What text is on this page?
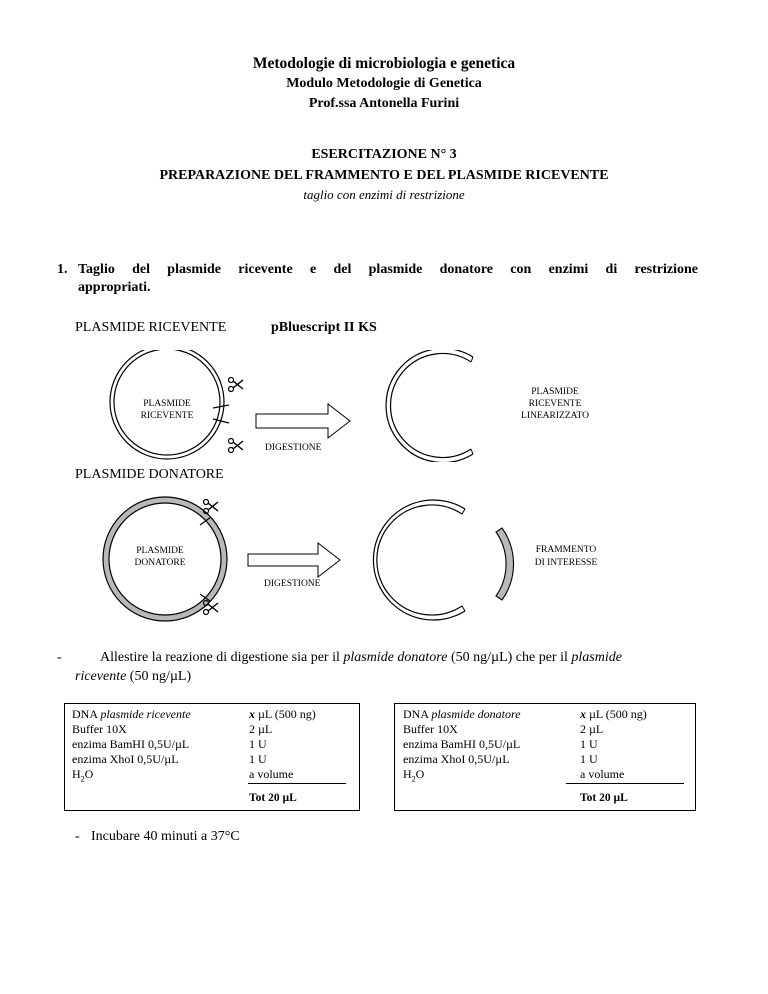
Metodologie di microbiologia e genetica
Modulo Metodologie di Genetica
Prof.ssa Antonella Furini
ESERCITAZIONE N° 3
PREPARAZIONE DEL FRAMMENTO E DEL PLASMIDE RICEVENTE
taglio con enzimi di restrizione
1. Taglio del plasmide ricevente e del plasmide donatore con enzimi di restrizione
appropriati.
PLASMIDE RICEVENTE	pBluescript II KS
PLASMIDE
RICEVENTE
DIGESTIONE
PLASMIDE
RICEVENTE
LINEARIZZATO
PLASMIDE DONATORE
PLASMIDE
DONATORE
DIGESTIONE
FRAMMENTO
DI INTERESSE
-	Allestire la reazione di digestione sia per il plasmide donatore (50 ng/µL) che per il plasmide
ricevente (50 ng/µL)
DNA plasmide ricevente
Buffer 10X
enzima BamHI 0,5U/µL
enzima XhoI 0,5U/µL
$H_2O$
x µL (500 ng)
2 µL
1 U
1 U
a volume
Tot 20 µL
DNA plasmide donatore
Buffer 10X
enzima BamHI 0,5U/µL
enzima XhoI 0,5U/µL
$H_2O$
x µL (500 ng)
2 µL
1 U
1 U
a volume
Tot 20 µL
- Incubare 40 minuti a 37°C
